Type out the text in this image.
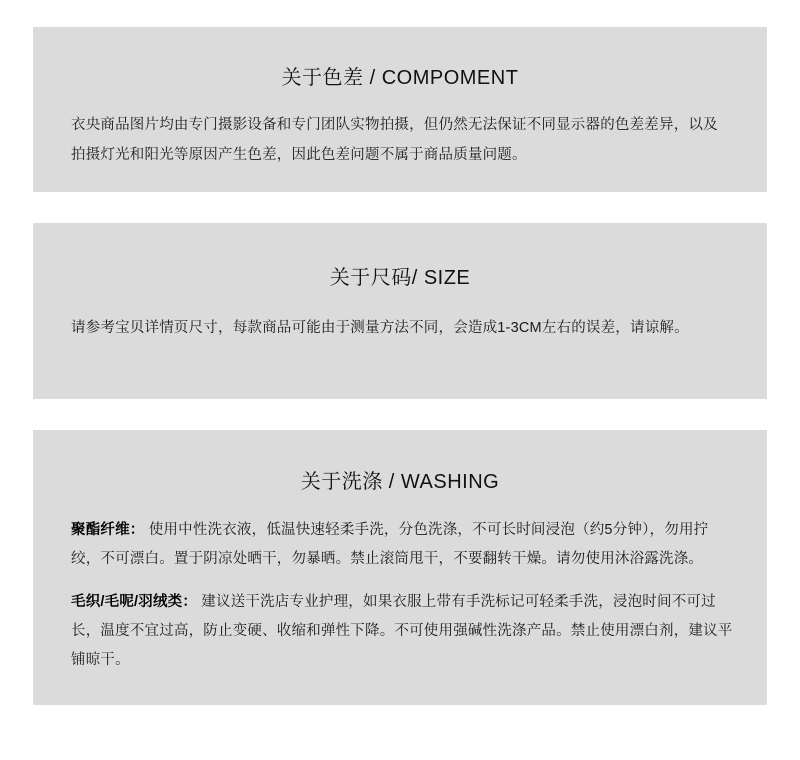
关于色差 / COMPOMENT
衣央商品图片均由专门摄影设备和专门团队实物拍摄，但仍然无法保证不同显示器的色差差异，以及拍摄灯光和阳光等原因产生色差，因此色差问题不属于商品质量问题。
关于尺码/ SIZE
请参考宝贝详情页尺寸，每款商品可能由于测量方法不同，会造成1-3CM左右的误差，请谅解。
关于洗涤 / WASHING
聚酯纤维： 使用中性洗衣液，低温快速轻柔手洗，分色洗涤，不可长时间浸泡（约5分钟），勿用拧绞，不可漂白。置于阴凉处晒干，勿暴晒。禁止滚筒甩干，不要翻转干燥。请勿使用沐浴露洗涤。
毛织/毛呢/羽绒类： 建议送干洗店专业护理，如果衣服上带有手洗标记可轻柔手洗，浸泡时间不可过长，温度不宜过高，防止变硬、收缩和弹性下降。不可使用强碱性洗涤产品。禁止使用漂白剂，建议平铺晾干。
